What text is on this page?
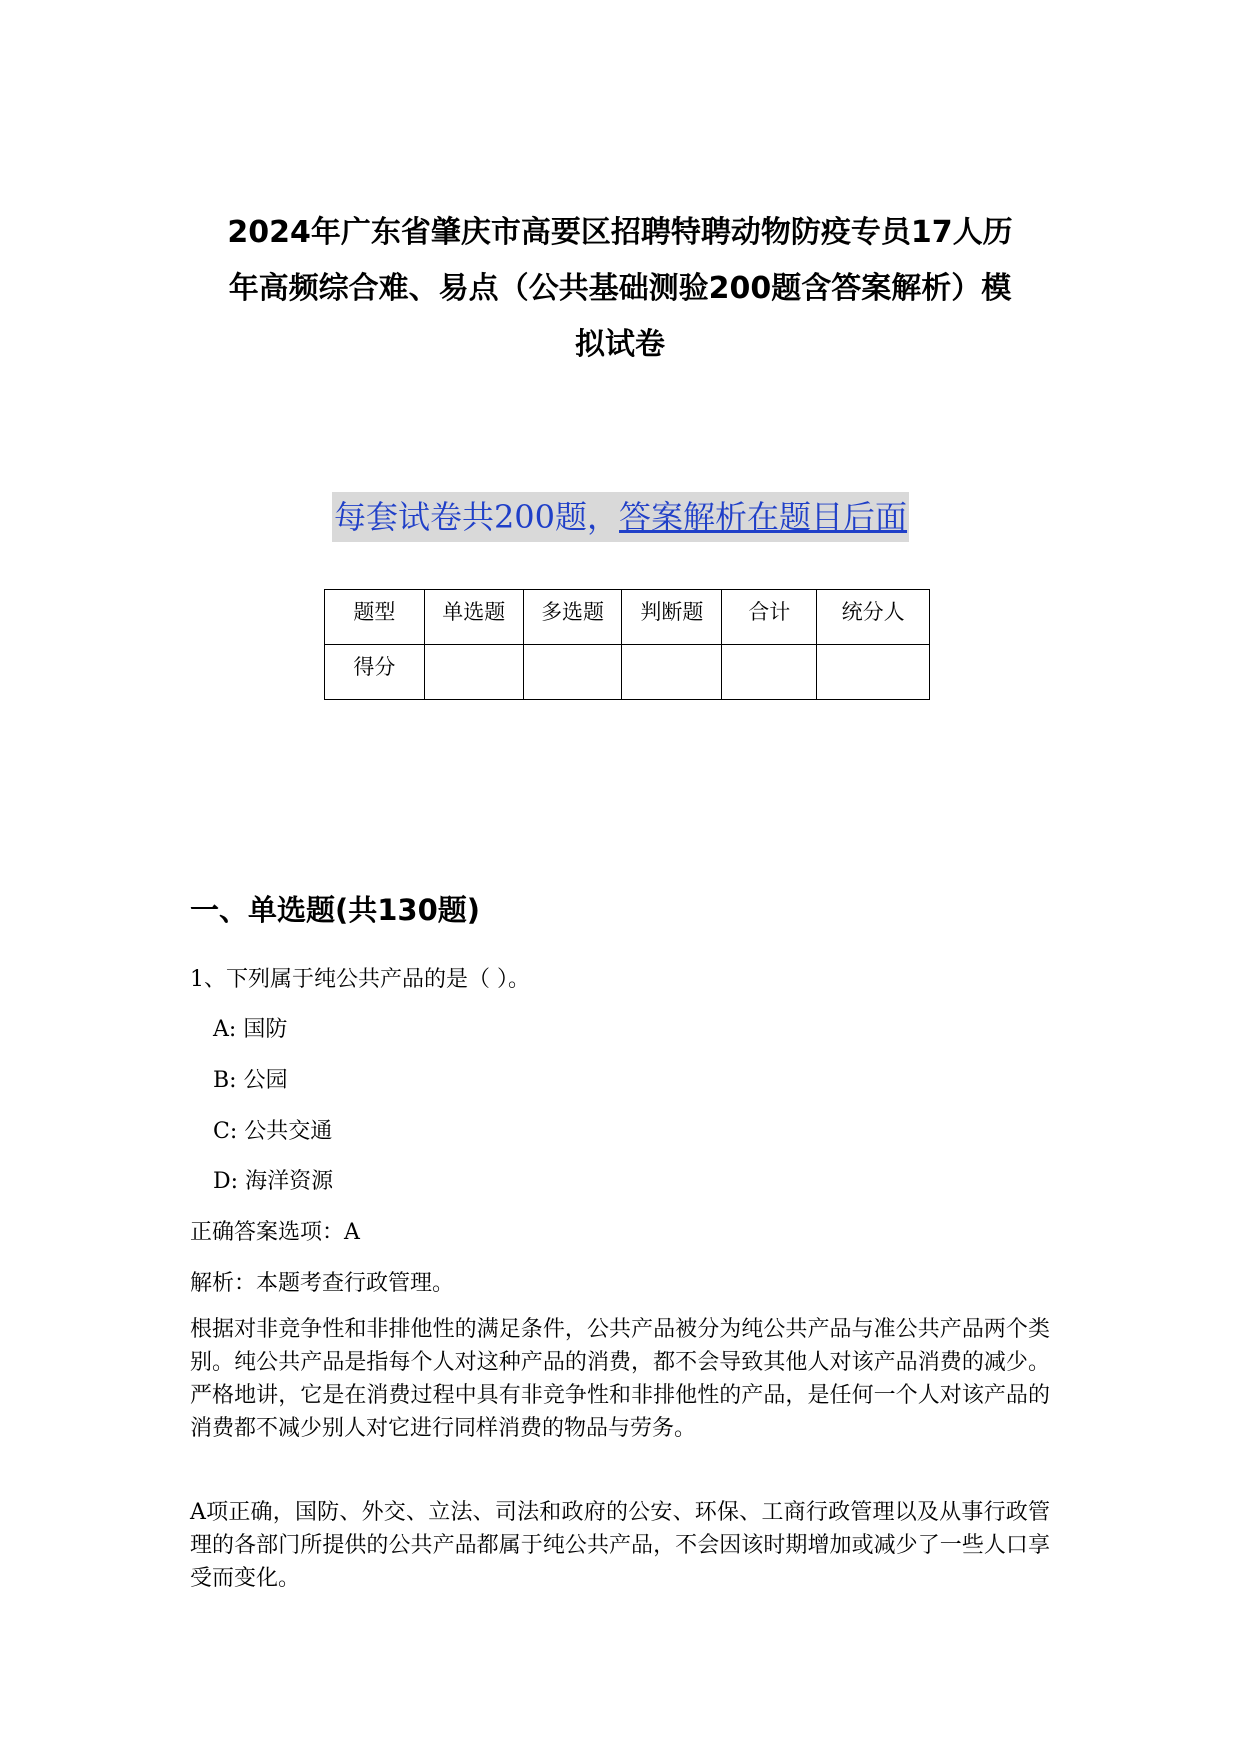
2024年广东省肇庆市高要区招聘特聘动物防疫专员17人历
年高频综合难、易点（公共基础测验200题含答案解析）模
拟试卷
每套试卷共200题，答案解析在题目后面
题型	单选题	多选题	判断题	合计	统分人
得分					
一、单选题(共130题)
1、下列属于纯公共产品的是（ ）。
A: 国防
B: 公园
C: 公共交通
D: 海洋资源
正确答案选项：A
解析：本题考查行政管理。
根据对非竞争性和非排他性的满足条件，公共产品被分为纯公共产品与准公共产品两个类别。纯公共产品是指每个人对这种产品的消费，都不会导致其他人对该产品消费的减少。严格地讲，它是在消费过程中具有非竞争性和非排他性的产品，是任何一个人对该产品的消费都不减少别人对它进行同样消费的物品与劳务。
A项正确，国防、外交、立法、司法和政府的公安、环保、工商行政管理以及从事行政管理的各部门所提供的公共产品都属于纯公共产品，不会因该时期增加或减少了一些人口享受而变化。
